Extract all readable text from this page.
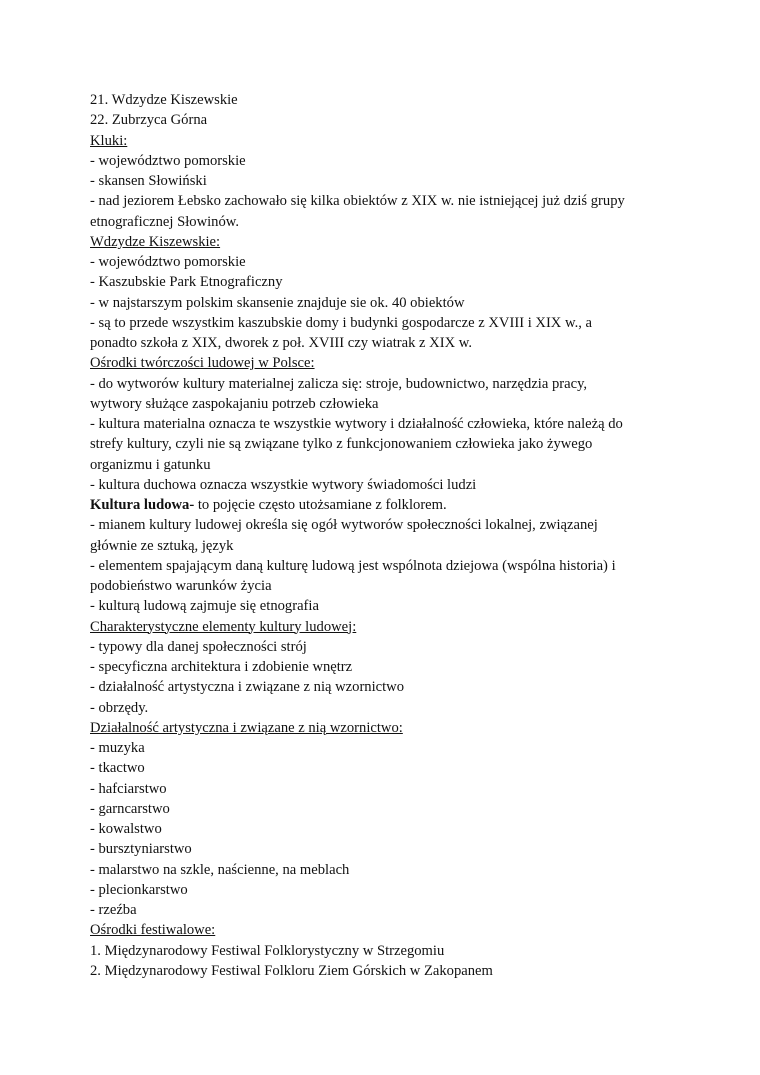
21. Wdzydze Kiszewskie
22. Zubrzyca Górna
Kluki:
- województwo pomorskie
- skansen Słowiński
- nad jeziorem Łebsko zachowało się kilka obiektów z XIX w. nie istniejącej już dziś grupy
etnograficznej Słowinów.
Wdzydze Kiszewskie:
- województwo pomorskie
- Kaszubskie Park Etnograficzny
- w najstarszym polskim skansenie znajduje sie ok. 40 obiektów
- są to przede wszystkim kaszubskie domy i budynki gospodarcze z XVIII i XIX w., a
ponadto szkoła z XIX, dworek z poł. XVIII czy wiatrak z XIX w.
Ośrodki twórczości ludowej w Polsce:
- do wytworów kultury materialnej zalicza się: stroje, budownictwo, narzędzia pracy,
wytwory służące zaspokajaniu potrzeb człowieka
- kultura materialna oznacza te wszystkie wytwory i działalność człowieka, które należą do
strefy kultury, czyli nie są związane tylko z funkcjonowaniem człowieka jako żywego
organizmu i gatunku
- kultura duchowa oznacza wszystkie wytwory świadomości ludzi
Kultura ludowa- to pojęcie często utożsamiane z folklorem.
- mianem kultury ludowej określa się ogół wytworów społeczności lokalnej, związanej
głównie ze sztuką, język
- elementem spajającym daną kulturę ludową jest wspólnota dziejowa (wspólna historia) i
podobieństwo warunków życia
- kulturą ludową zajmuje się etnografia
Charakterystyczne elementy kultury ludowej:
- typowy dla danej społeczności strój
- specyficzna architektura i zdobienie wnętrz
- działalność artystyczna i związane z nią wzornictwo
- obrzędy.
Działalność artystyczna i związane z nią wzornictwo:
- muzyka
- tkactwo
- hafciarstwo
- garncarstwo
- kowalstwo
- bursztyniarstwo
- malarstwo na szkle, naścienne, na meblach
- plecionkarstwo
- rzeźba
Ośrodki festiwalowe:
1. Międzynarodowy Festiwal Folklorystyczny w Strzegomiu
2. Międzynarodowy Festiwal Folkloru Ziem Górskich w Zakopanem
